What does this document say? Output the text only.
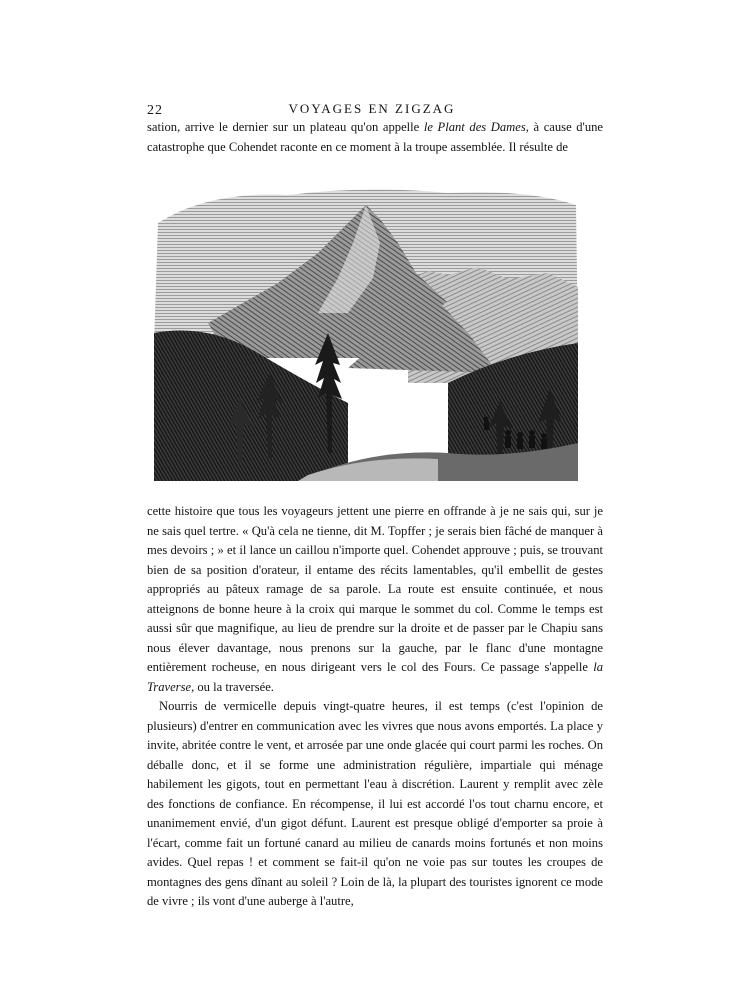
22	VOYAGES EN ZIGZAG

sation, arrive le dernier sur un plateau qu'on appelle le Plant des Dames, à cause d'une catastrophe que Cohendet raconte en ce moment à la troupe assemblée. Il résulte de

cette histoire que tous les voyageurs jettent une pierre en offrande à je ne sais qui, sur je ne sais quel tertre. « Qu'à cela ne tienne, dit M. Topffer ; je serais bien fâché de manquer à mes devoirs ; » et il lance un caillou n'importe quel. Cohendet approuve ; puis, se trouvant bien de sa position d'orateur, il entame des récits lamentables, qu'il embellit de gestes appropriés au pâteux ramage de sa parole. La route est ensuite continuée, et nous atteignons de bonne heure à la croix qui marque le sommet du col. Comme le temps est aussi sûr que magnifique, au lieu de prendre sur la droite et de passer par le Chapiu sans nous élever davantage, nous prenons sur la gauche, par le flanc d'une montagne entièrement rocheuse, en nous dirigeant vers le col des Fours. Ce passage s'appelle la Traverse, ou la traversée.

Nourris de vermicelle depuis vingt-quatre heures, il est temps (c'est l'opinion de plusieurs) d'entrer en communication avec les vivres que nous avons emportés. La place y invite, abritée contre le vent, et arrosée par une onde glacée qui court parmi les roches. On déballe donc, et il se forme une administration régulière, impartiale qui ménage habilement les gigots, tout en permettant l'eau à discrétion. Laurent y remplit avec zèle des fonctions de confiance. En récompense, il lui est accordé l'os tout charnu encore, et unanimement envié, d'un gigot défunt. Laurent est presque obligé d'emporter sa proie à l'écart, comme fait un fortuné canard au milieu de canards moins fortunés et non moins avides. Quel repas ! et comment se fait-il qu'on ne voie pas sur toutes les croupes de montagnes des gens dînant au soleil ? Loin de là, la plupart des touristes ignorent ce mode de vivre ; ils vont d'une auberge à l'autre,
